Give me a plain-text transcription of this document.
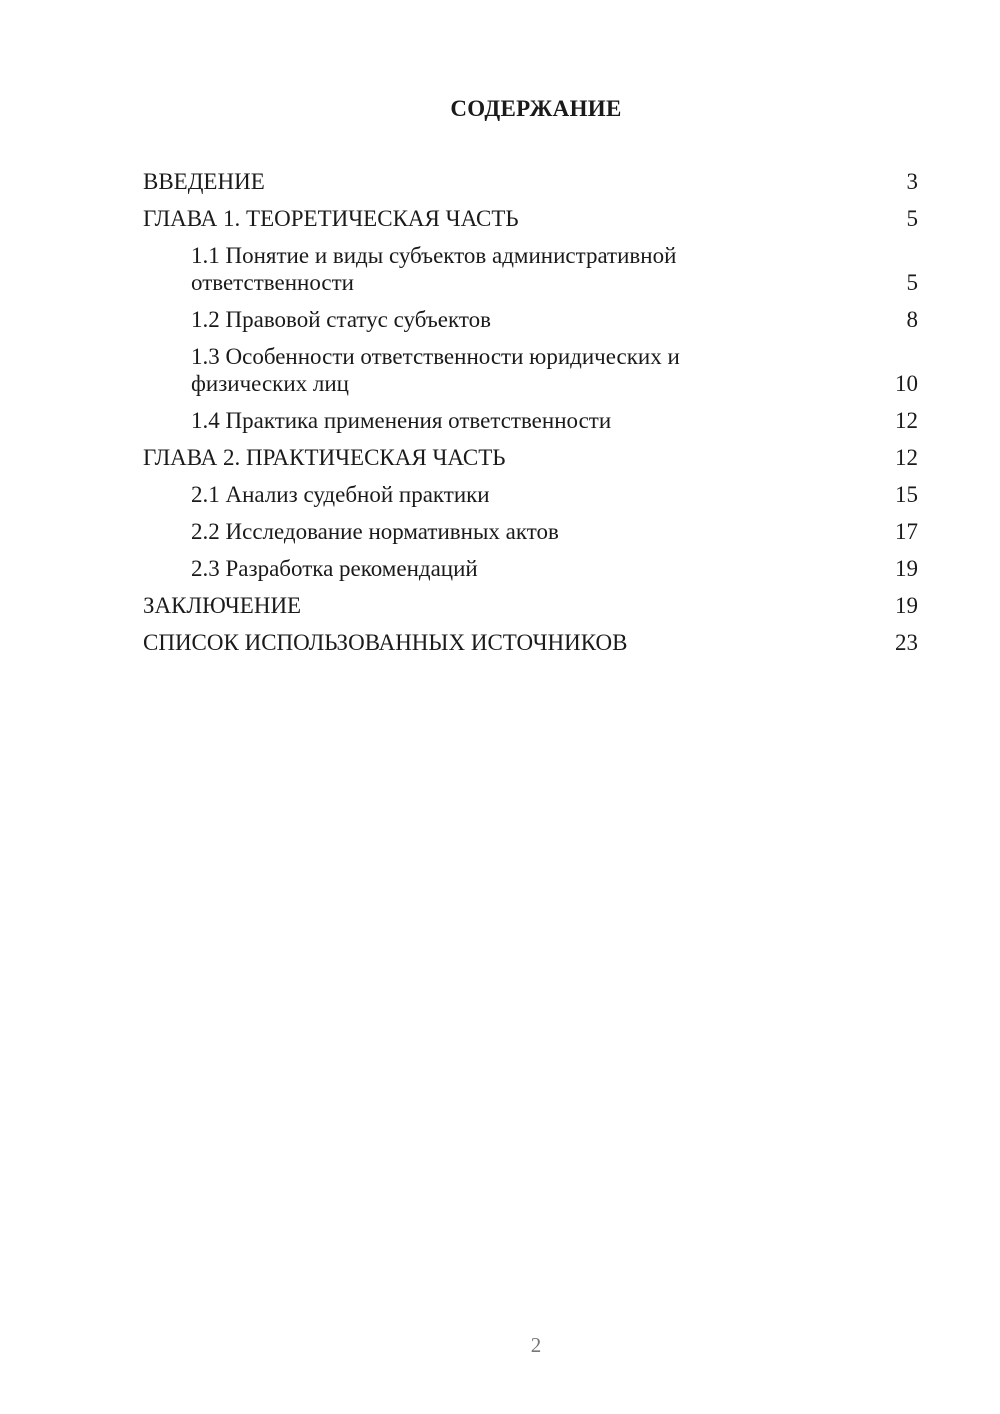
СОДЕРЖАНИЕ
ВВЕДЕНИЕ	3
ГЛАВА 1. ТЕОРЕТИЧЕСКАЯ ЧАСТЬ	5
1.1 Понятие и виды субъектов административной ответственности	5
1.2 Правовой статус субъектов	8
1.3 Особенности ответственности юридических и физических лиц	10
1.4 Практика применения ответственности	12
ГЛАВА 2. ПРАКТИЧЕСКАЯ ЧАСТЬ	12
2.1 Анализ судебной практики	15
2.2 Исследование нормативных актов	17
2.3 Разработка рекомендаций	19
ЗАКЛЮЧЕНИЕ	19
СПИСОК ИСПОЛЬЗОВАННЫХ ИСТОЧНИКОВ	23
2
